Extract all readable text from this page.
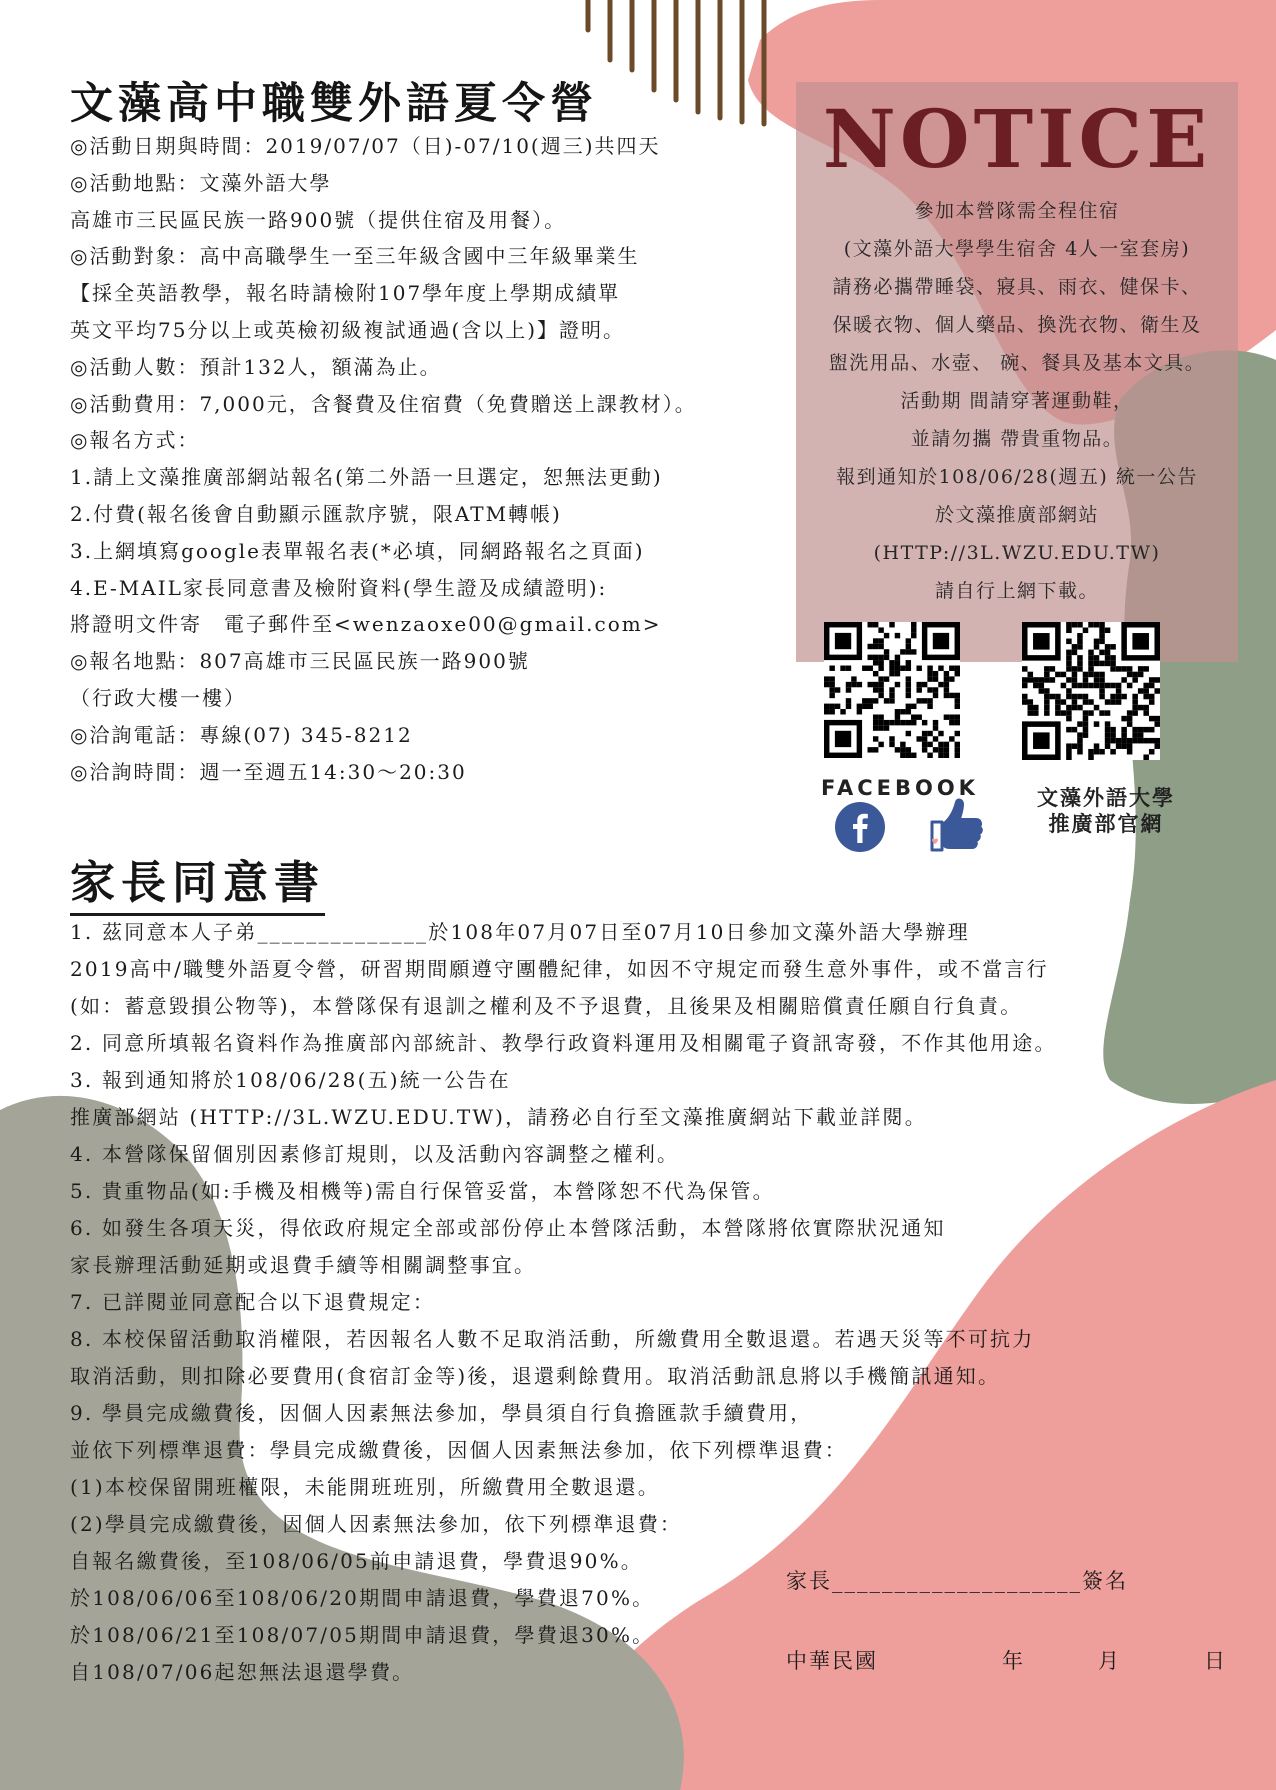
文藻高中職雙外語夏令營
◎活動日期與時間：2019/07/07（日)-07/10(週三)共四天
◎活動地點：文藻外語大學
高雄市三民區民族一路900號（提供住宿及用餐）。
◎活動對象：高中高職學生一至三年級含國中三年級畢業生
【採全英語教學，報名時請檢附107學年度上學期成績單
英文平均75分以上或英檢初級複試通過(含以上)】證明。
◎活動人數：預計132人，額滿為止。
◎活動費用：7,000元，含餐費及住宿費（免費贈送上課教材）。
◎報名方式：
1.請上文藻推廣部網站報名(第二外語一旦選定，恕無法更動)
2.付費(報名後會自動顯示匯款序號，限ATM轉帳)
3.上網填寫google表單報名表(*必填，同網路報名之頁面)
4.E-MAIL家長同意書及檢附資料(學生證及成績證明):
將證明文件寄　電子郵件至<wenzaoxe00@gmail.com>
◎報名地點：807高雄市三民區民族一路900號
（行政大樓一樓）
◎洽詢電話：專線(07) 345-8212
◎洽詢時間：週一至週五14:30～20:30
NOTICE
參加本營隊需全程住宿
(文藻外語大學學生宿舍 4人一室套房)
請務必攜帶睡袋、寢具、雨衣、健保卡、
保暖衣物、個人藥品、換洗衣物、衛生及
盥洗用品、水壺、 碗、餐具及基本文具。
活動期 間請穿著運動鞋，
並請勿攜 帶貴重物品。
報到通知於108/06/28(週五) 統一公告
於文藻推廣部網站
(HTTP://3L.WZU.EDU.TW)
請自行上網下載。
FACEBOOK	文藻外語大學
推廣部官網
家長同意書
1. 茲同意本人子弟______________於108年07月07日至07月10日參加文藻外語大學辦理
2019高中/職雙外語夏令營，研習期間願遵守團體紀律，如因不守規定而發生意外事件，或不當言行
(如：蓄意毀損公物等)，本營隊保有退訓之權利及不予退費，且後果及相關賠償責任願自行負責。
2. 同意所填報名資料作為推廣部內部統計、教學行政資料運用及相關電子資訊寄發，不作其他用途。
3. 報到通知將於108/06/28(五)統一公告在
推廣部網站 (HTTP://3L.WZU.EDU.TW)，請務必自行至文藻推廣網站下載並詳閱。
4. 本營隊保留個別因素修訂規則，以及活動內容調整之權利。
5. 貴重物品(如:手機及相機等)需自行保管妥當，本營隊恕不代為保管。
6. 如發生各項天災，得依政府規定全部或部份停止本營隊活動，本營隊將依實際狀況通知
家長辦理活動延期或退費手續等相關調整事宜。
7. 已詳閱並同意配合以下退費規定：
8. 本校保留活動取消權限，若因報名人數不足取消活動，所繳費用全數退還。若遇天災等不可抗力
取消活動，則扣除必要費用(食宿訂金等)後，退還剩餘費用。取消活動訊息將以手機簡訊通知。
9. 學員完成繳費後，因個人因素無法參加，學員須自行負擔匯款手續費用，
並依下列標準退費：學員完成繳費後，因個人因素無法參加，依下列標準退費：
(1)本校保留開班權限，未能開班班別，所繳費用全數退還。
(2)學員完成繳費後，因個人因素無法參加，依下列標準退費：
自報名繳費後，至108/06/05前申請退費，學費退90%。
於108/06/06至108/06/20期間申請退費，學費退70%。
於108/06/21至108/07/05期間申請退費，學費退30%。
自108/07/06起恕無法退還學費。
家長____________________簽名
中華民國	年	月	日
